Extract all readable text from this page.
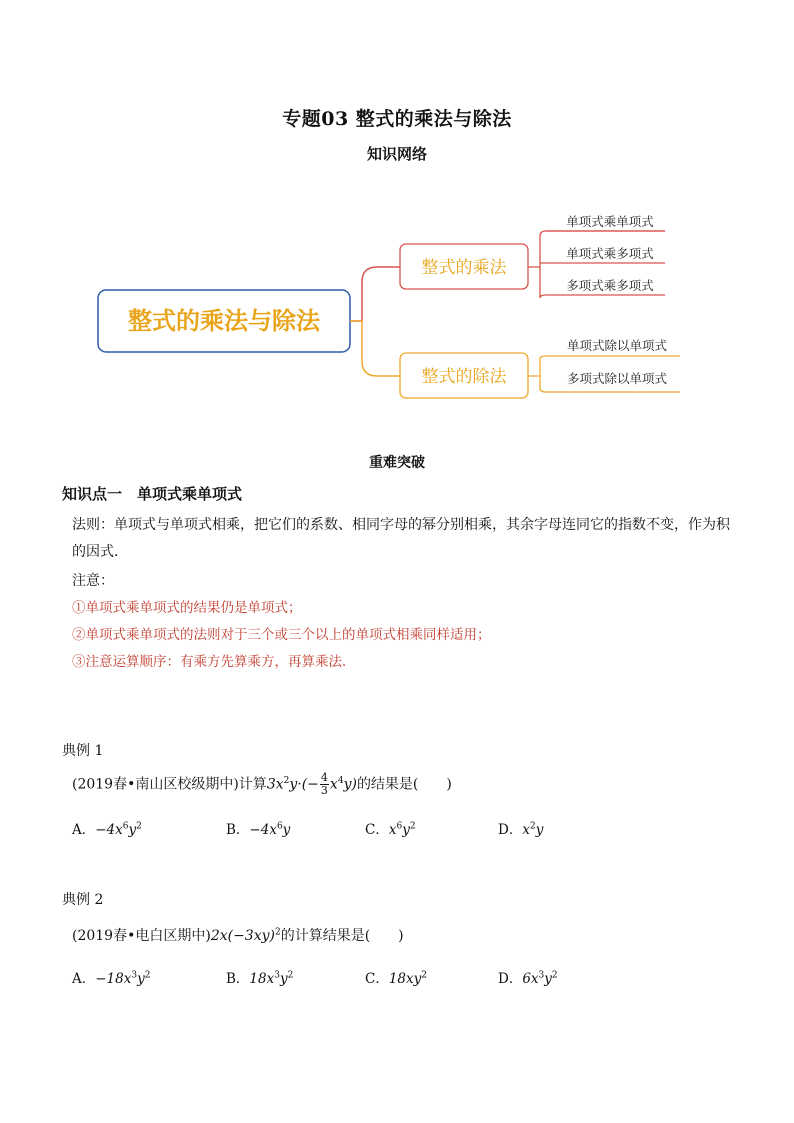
专题03 整式的乘法与除法
知识网络
整式的乘法与除法
整式的乘法
整式的除法
单项式乘单项式
单项式乘多项式
多项式乘多项式
单项式除以单项式
多项式除以单项式
重难突破
知识点一　单项式乘单项式
法则：单项式与单项式相乘，把它们的系数、相同字母的幂分别相乘，其余字母连同它的指数不变，作为积的因式．
注意：
①单项式乘单项式的结果仍是单项式；
②单项式乘单项式的法则对于三个或三个以上的单项式相乘同样适用；
③注意运算顺序：有乘方先算乘方，再算乘法．
典例 1
(2019春•南山区校级期中)计算$3x^2y\cdot(- \frac{4}{3} x^4y)$的结果是(　　)
A．$-4x^6y^2$	B．$-4x^6y$	C．$x^6y^2$	D．$x^2y$
典例 2
(2019春•电白区期中)$2x(-3xy)^2$的计算结果是(　　)
A．$-18x^3y^2$	B．$18x^3y^2$	C．$18xy^2$	D．$6x^3y^2$
